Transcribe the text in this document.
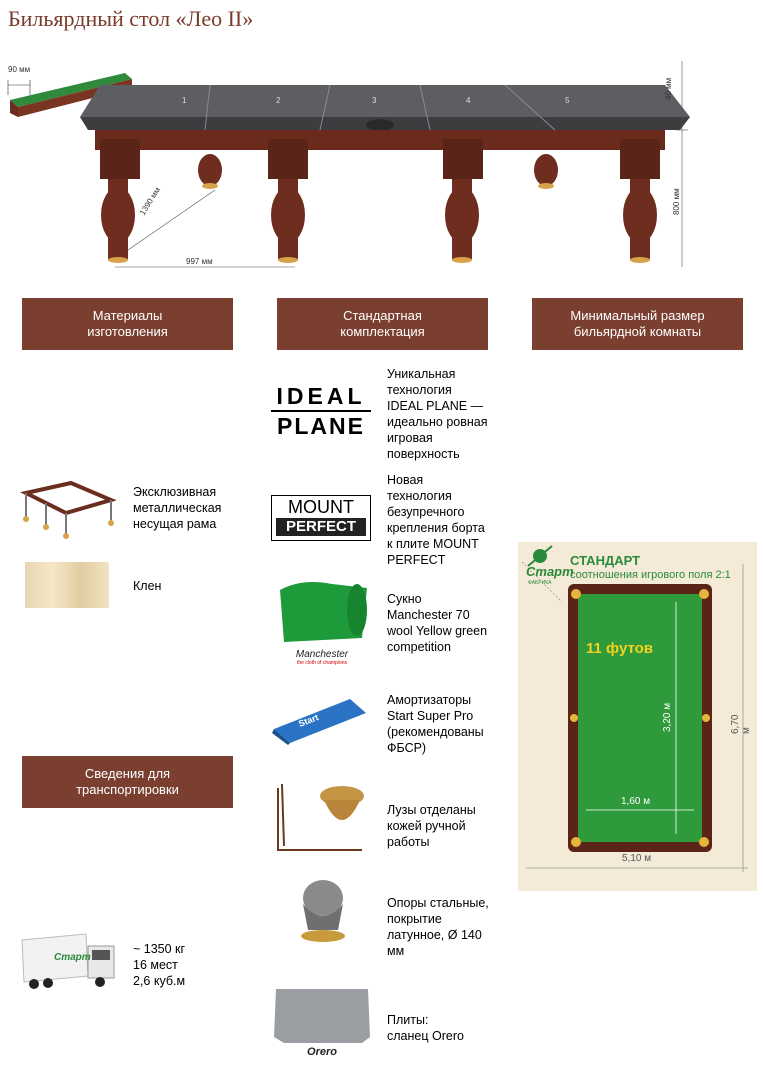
Бильярдный стол «Лео II»
90 мм
997 мм
1390 мм
40 мм
800 мм
1	2	3	4	5
Материалы
изготовления
Стандартная
комплектация
Минимальный размер
бильярдной комнаты
Сведения для
транспортировки
Эксклюзивная
металлическая
несущая рама
Клен
IDEAL
PLANE
Уникальная
технология
IDEAL PLANE —
идеально ровная
игровая
поверхность
MOUNT
PERFECT
Новая
технология
безупречного
крепления борта
к плите MOUNT
PERFECT
Manchester
the cloth of champions
Сукно
Manchester 70
wool Yellow green
competition
Start
Амортизаторы
Start Super Pro
(рекомендованы
ФБСР)
Лузы отделаны
кожей ручной
работы
Опоры стальные,
покрытие
латунное, Ø 140
мм
Orero
Плиты:
сланец Orero
Старт
~ 1350 кг
16 мест
2,6 куб.м
Старт
ФАБРИКА
СТАНДАРТ
соотношения игрового поля 2:1
11 футов
3,20 м
1,60 м
5,10 м
6,70 м
